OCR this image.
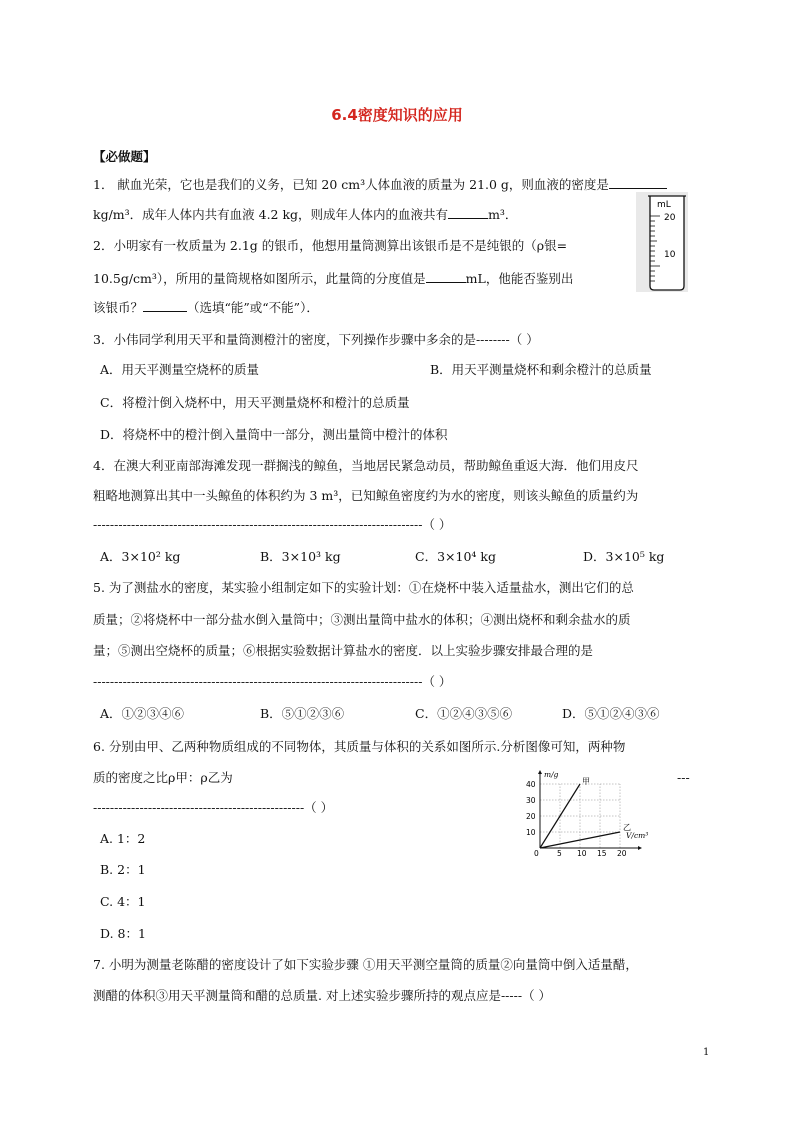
6.4密度知识的应用
【必做题】
1． 献血光荣，它也是我们的义务，已知 20 cm³人体血液的质量为 21.0 g，则血液的密度是
kg/m³．成年人体内共有血液 4.2 kg，则成年人体内的血液共有	m³．
2．小明家有一枚质量为 2.1g 的银币，他想用量筒测算出该银币是不是纯银的（ρ银=
10.5g/cm³），所用的量筒规格如图所示，此量筒的分度值是	mL，他能否鉴别出
该银币？	（选填“能”或“不能”）．
mL
20
10
3．小伟同学利用天平和量筒测橙汁的密度，下列操作步骤中多余的是--------（ ）
A．用天平测量空烧杯的质量	B．用天平测量烧杯和剩余橙汁的总质量
C．将橙汁倒入烧杯中，用天平测量烧杯和橙汁的总质量
D．将烧杯中的橙汁倒入量筒中一部分，测出量筒中橙汁的体积
4．在澳大利亚南部海滩发现一群搁浅的鲸鱼，当地居民紧急动员，帮助鲸鱼重返大海．他们用皮尺
粗略地测算出其中一头鲸鱼的体积约为 3 m³，已知鲸鱼密度约为水的密度，则该头鲸鱼的质量约为
------------------------------------------------------------------------------（ ）
A．3×10² kg	B．3×10³ kg	C．3×10⁴ kg	D．3×10⁵ kg
5. 为了测盐水的密度，某实验小组制定如下的实验计划：①在烧杯中装入适量盐水，测出它们的总
质量；②将烧杯中一部分盐水倒入量筒中；③测出量筒中盐水的体积；④测出烧杯和剩余盐水的质
量；⑤测出空烧杯的质量；⑥根据实验数据计算盐水的密度．以上实验步骤安排最合理的是
------------------------------------------------------------------------------（ ）
A．①②③④⑥	B．⑤①②③⑥	C．①②④③⑤⑥	D．⑤①②④③⑥
6. 分别由甲、乙两种物质组成的不同物体，其质量与体积的关系如图所示.分析图像可知，两种物
质的密度之比ρ甲：ρ乙为	---
--------------------------------------------------（ ）
A. 1：2
B. 2：1
C. 4：1
D. 8：1
m/g
V/cm³
0 5 10 15 20
10
20
30
40	甲
乙
7. 小明为测量老陈醋的密度设计了如下实验步骤 ①用天平测空量筒的质量②向量筒中倒入适量醋，
测醋的体积③用天平测量筒和醋的总质量. 对上述实验步骤所持的观点应是-----（ ）
1
